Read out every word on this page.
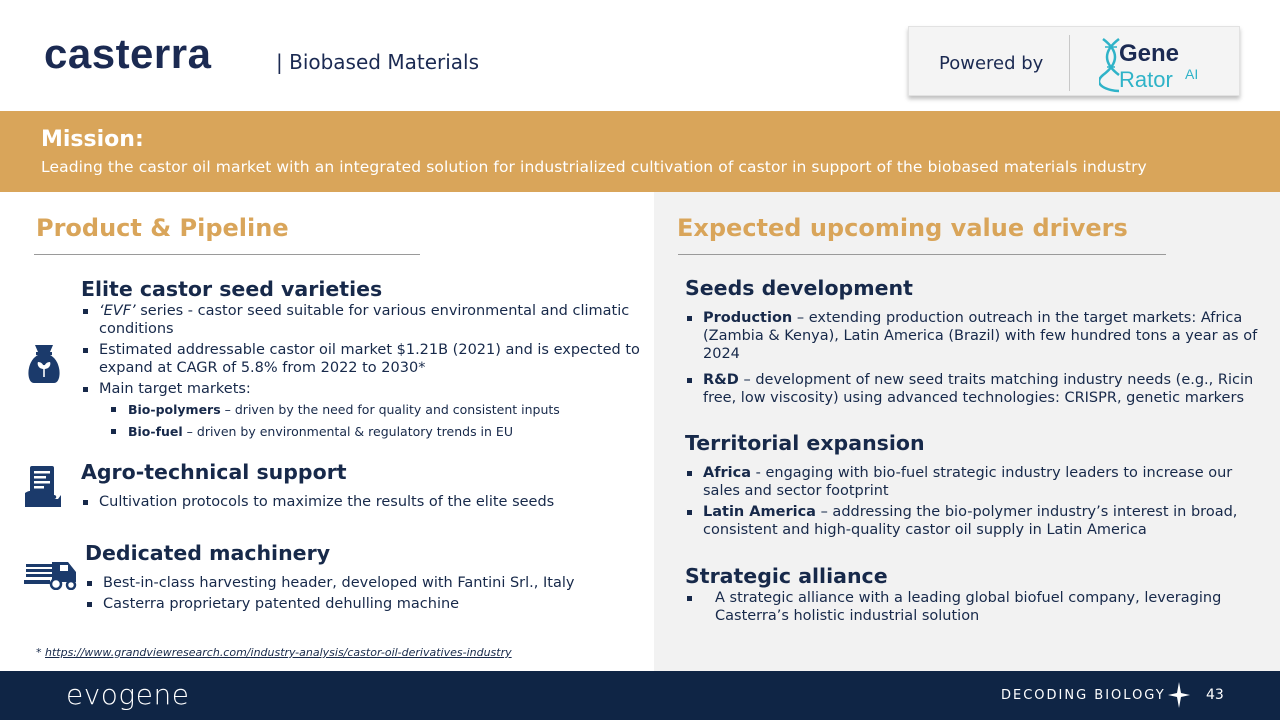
casterra	| Biobased Materials	Powered by	Gene
Rator AI
Mission:
Leading the castor oil market with an integrated solution for industrialized cultivation of castor in support of the biobased materials industry
Product & Pipeline
Elite castor seed varieties
‘EVF’ series - castor seed suitable for various environmental and climatic conditions
Estimated addressable castor oil market $1.21B (2021) and is expected to expand at CAGR of 5.8% from 2022 to 2030*
Main target markets:
Bio-polymers – driven by the need for quality and consistent inputs
Bio-fuel – driven by environmental & regulatory trends in EU
Agro-technical support
Cultivation protocols to maximize the results of the elite seeds
Dedicated machinery
Best-in-class harvesting header, developed with Fantini Srl., Italy
Casterra proprietary patented dehulling machine
* https://www.grandviewresearch.com/industry-analysis/castor-oil-derivatives-industry
Expected upcoming value drivers
Seeds development
Production – extending production outreach in the target markets: Africa (Zambia & Kenya), Latin America (Brazil) with few hundred tons a year as of 2024
R&D – development of new seed traits matching industry needs (e.g., Ricin free, low viscosity) using advanced technologies: CRISPR, genetic markers
Territorial expansion
Africa - engaging with bio-fuel strategic industry leaders to increase our sales and sector footprint
Latin America – addressing the bio-polymer industry’s interest in broad, consistent and high-quality castor oil supply in Latin America
Strategic alliance
A strategic alliance with a leading global biofuel company, leveraging Casterra’s holistic industrial solution
evogene	DECODING BIOLOGY	43
